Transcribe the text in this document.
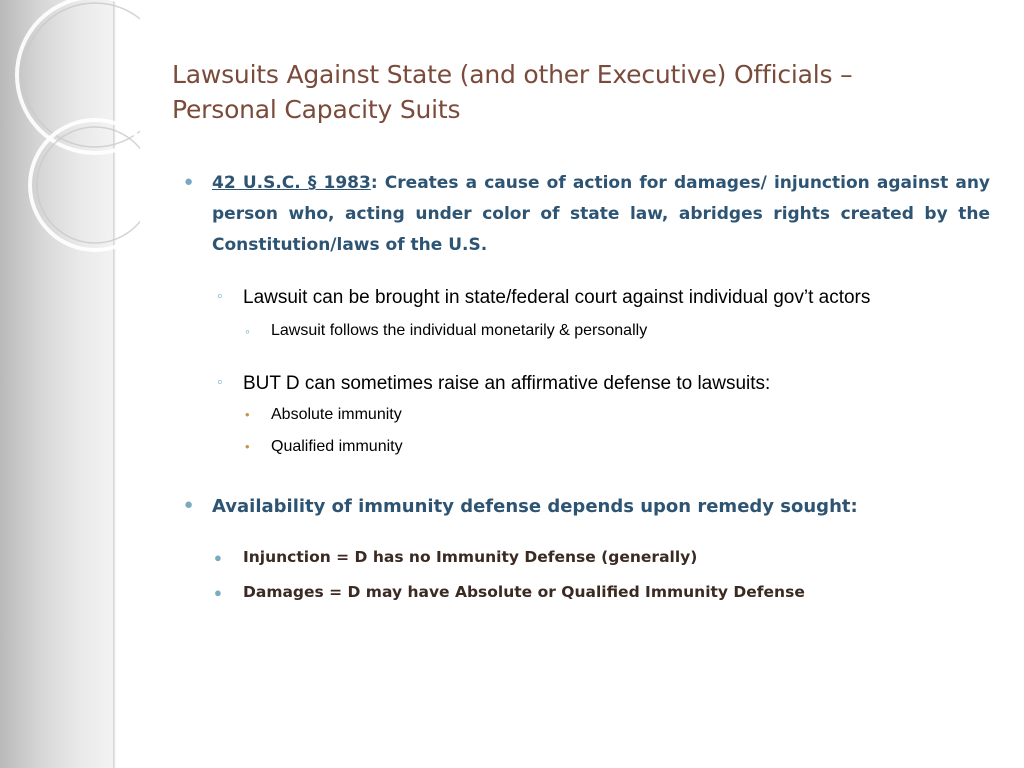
Lawsuits Against State (and other Executive) Officials –
Personal Capacity Suits
● 42 U.S.C. § 1983: Creates a cause of action for damages/ injunction against any person who, acting under color of state law, abridges rights created by the Constitution/laws of the U.S.
◦ Lawsuit can be brought in state/federal court against individual gov’t actors
◦ Lawsuit follows the individual monetarily & personally
◦ BUT D can sometimes raise an affirmative defense to lawsuits:
• Absolute immunity
• Qualified immunity
● Availability of immunity defense depends upon remedy sought:
● Injunction = D has no Immunity Defense (generally)
● Damages = D may have Absolute or Qualified Immunity Defense
